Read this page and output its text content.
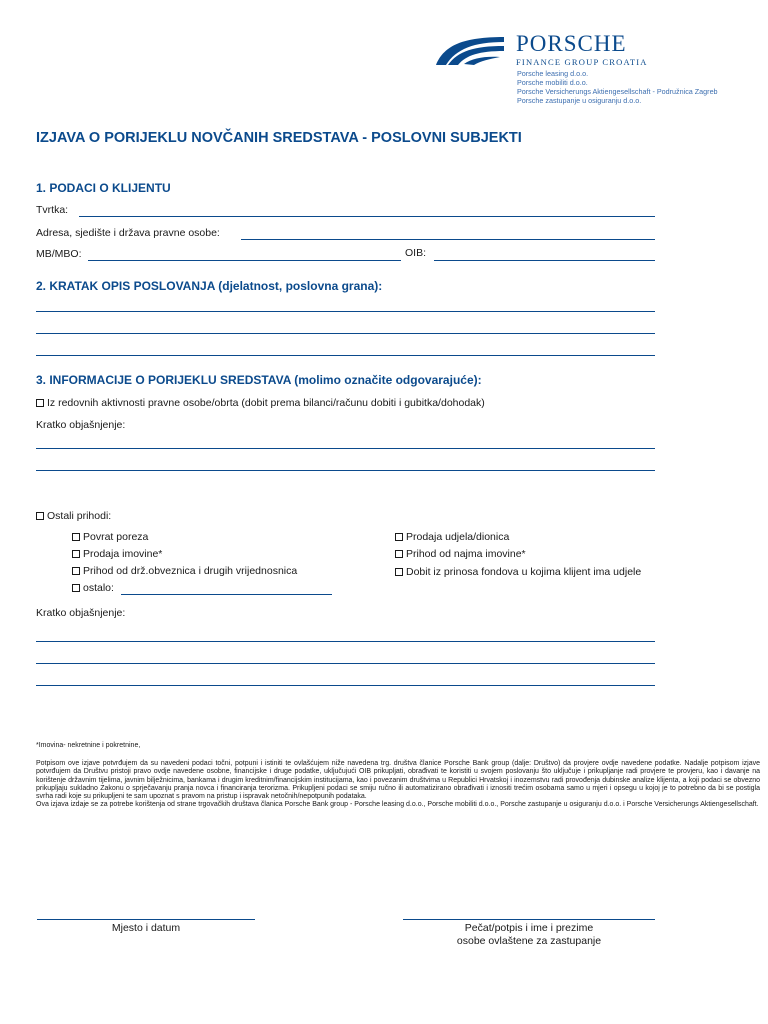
PORSCHE
FINANCE GROUP CROATIA
Porsche leasing d.o.o.
Porsche mobiliti d.o.o.
Porsche Versicherungs Aktiengesellschaft - Podružnica Zagreb
Porsche zastupanje u osiguranju d.o.o.
IZJAVA O PORIJEKLU NOVČANIH SREDSTAVA - POSLOVNI SUBJEKTI
1. PODACI O KLIJENTU
Tvrtka:
Adresa, sjedište i država pravne osobe:
MB/MBO:	OIB:
2. KRATAK OPIS POSLOVANJA (djelatnost, poslovna grana):
3. INFORMACIJE O PORIJEKLU SREDSTAVA (molimo označite odgovarajuće):
Iz redovnih aktivnosti pravne osobe/obrta (dobit prema bilanci/računu dobiti i gubitka/dohodak)
Kratko objašnjenje:
Ostali prihodi:
Povrat poreza
Prodaja imovine*
Prihod od drž.obveznica i drugih vrijednosnica
ostalo:
Prodaja udjela/dionica
Prihod od najma imovine*
Dobit iz prinosa fondova u kojima klijent ima udjele
Kratko objašnjenje:
*Imovina- nekretnine i pokretnine,

Potpisom ove izjave potvrđujem da su navedeni podaci točni, potpuni i istiniti te ovlašćujem niže navedena trg. društva članice Porsche Bank group (dalje: Društvo) da provjere ovdje navedene podatke. Nadalje potpisom izjave potvrđujem da Društvu pristoji pravo ovdje navedene osobne, financijske i druge podatke, uključujući OIB prikupljati, obrađivati te koristiti u svojem poslovanju što uključuje i prikupljanje radi provjere te provjeru, kao i davanje na korištenje državnim tijelima, javnim bilježnicima, bankama i drugim kreditnim/financijskim institucijama, kao i povezanim društvima u Republici Hrvatskoj i inozemstvu radi provođenja dubinske analize klijenta, a koji podaci se obvezno prikupljaju sukladno Zakonu o sprječavanju pranja novca i financiranja terorizma. Prikupljeni podaci se smiju ručno ili automatizirano obrađivati i iznositi trećim osobama samo u mjeri i opsegu u kojoj je to potrebno da bi se postigla svrha radi koje su prikupljeni te sam upoznat s pravom na pristup i ispravak netočnih/nepotpunih podataka.

Ova izjava izdaje se za potrebe korištenja od strane trgovačkih društava članica Porsche Bank group - Porsche leasing d.o.o., Porsche mobiliti d.o.o., Porsche zastupanje u osiguranju d.o.o. i Porsche Versicherungs Aktiengesellschaft.

Mjesto i datum	Pečat/potpis i ime i prezime
osobe ovlaštene za zastupanje
